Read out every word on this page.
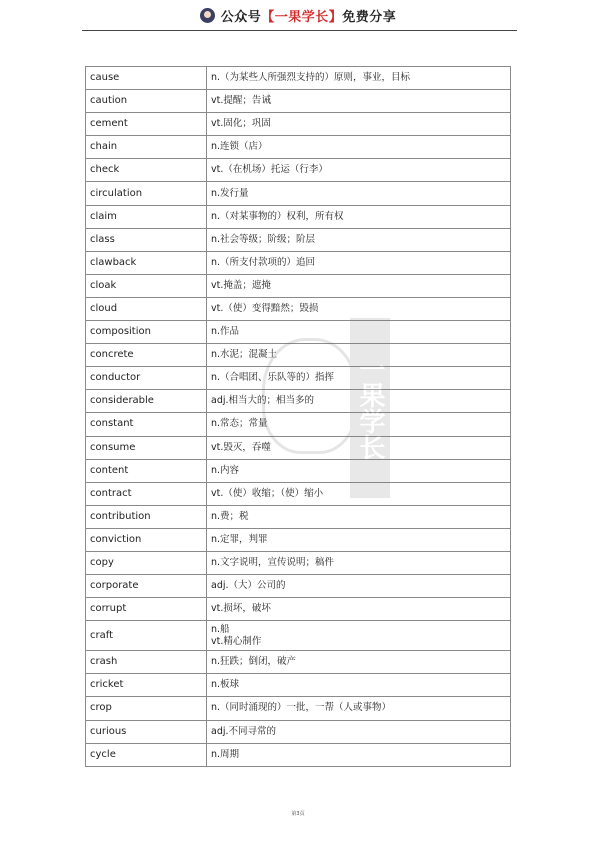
公众号【一果学长】免费分享
cause	n.（为某些人所强烈支持的）原则，事业，目标

caution	vt.提醒；告诫

cement	vt.固化；巩固

chain	n.连锁（店）

check	vt.（在机场）托运（行李）

circulation	n.发行量

claim	n.（对某事物的）权利，所有权

class	n.社会等级；阶级；阶层

clawback	n.（所支付款项的）追回

cloak	vt.掩盖；遮掩

cloud	vt.（使）变得黯然；毁损

composition	n.作品

concrete	n.水泥；混凝土

conductor	n.（合唱团、乐队等的）指挥

considerable	adj.相当大的；相当多的

constant	n.常态；常量

consume	vt.毁灭，吞噬

content	n.内容

contract	vt.（使）收缩；（使）缩小

contribution	n.费；税

conviction	n.定罪，判罪

copy	n.文字说明，宣传说明；稿件

corporate	adj.（大）公司的

corrupt	vt.损坏，破坏

craft	n.船
vt.精心制作

crash	n.狂跌；倒闭，破产

cricket	n.板球

crop	n.（同时涌现的）一批，一帮（人或事物）

curious	adj.不同寻常的

cycle	n.周期
一果学长
第3页
